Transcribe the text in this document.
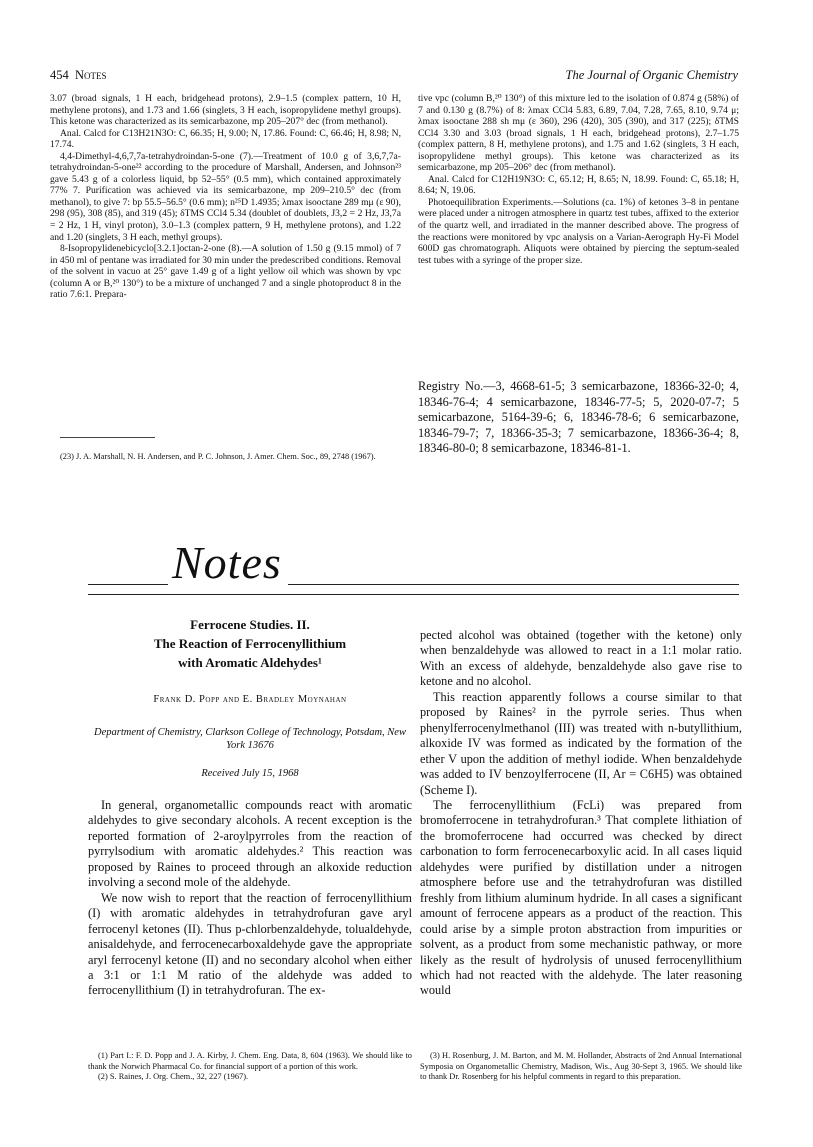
454 Notes	The Journal of Organic Chemistry

3.07 (broad signals, 1 H each, bridgehead protons), 2.9–1.5 (complex pattern, 10 H, methylene protons), and 1.73 and 1.66 (singlets, 3 H each, isopropylidene methyl groups). This ketone was characterized as its semicarbazone, mp 205–207° dec (from methanol).

Anal. Calcd for C13H21N3O: C, 66.35; H, 9.00; N, 17.86. Found: C, 66.46; H, 8.98; N, 17.74.

4,4-Dimethyl-4,6,7,7a-tetrahydroindan-5-one (7).—Treatment of 10.0 g of 3,6,7,7a-tetrahydroindan-5-one²² according to the procedure of Marshall, Andersen, and Johnson²³ gave 5.43 g of a colorless liquid, bp 52–55° (0.5 mm), which contained approximately 77% 7. Purification was achieved via its semicarbazone, mp 209–210.5° dec (from methanol), to give 7: bp 55.5–56.5° (0.6 mm); n²⁵D 1.4935; λmax isooctane 289 mμ (ε 90), 298 (95), 308 (85), and 319 (45); δTMS CCl4 5.34 (doublet of doublets, J3,2 = 2 Hz, J3,7a = 2 Hz, 1 H, vinyl proton), 3.0–1.3 (complex pattern, 9 H, methylene protons), and 1.22 and 1.20 (singlets, 3 H each, methyl groups).

8-Isopropylidenebicyclo[3.2.1]octan-2-one (8).—A solution of 1.50 g (9.15 mmol) of 7 in 450 ml of pentane was irradiated for 30 min under the predescribed conditions. Removal of the solvent in vacuo at 25° gave 1.49 g of a light yellow oil which was shown by vpc (column A or B,²⁰ 130°) to be a mixture of unchanged 7 and a single photoproduct 8 in the ratio 7.6:1. Prepara-

tive vpc (column B,²⁰ 130°) of this mixture led to the isolation of 0.874 g (58%) of 7 and 0.130 g (8.7%) of 8: λmax CCl4 5.83, 6.89, 7.04, 7.28, 7.65, 8.10, 9.74 μ; λmax isooctane 288 sh mμ (ε 360), 296 (420), 305 (390), and 317 (225); δTMS CCl4 3.30 and 3.03 (broad signals, 1 H each, bridgehead protons), 2.7–1.75 (complex pattern, 8 H, methylene protons), and 1.75 and 1.62 (singlets, 3 H each, isopropylidene methyl groups). This ketone was characterized as its semicarbazone, mp 205–206° dec (from methanol).

Anal. Calcd for C12H19N3O: C, 65.12; H, 8.65; N, 18.99. Found: C, 65.18; H, 8.64; N, 19.06.

Photoequilibration Experiments.—Solutions (ca. 1%) of ketones 3–8 in pentane were placed under a nitrogen atmosphere in quartz test tubes, affixed to the exterior of the quartz well, and irradiated in the manner described above. The progress of the reactions were monitored by vpc analysis on a Varian-Aerograph Hy-Fi Model 600D gas chromatograph. Aliquots were obtained by piercing the septum-sealed test tubes with a syringe of the proper size.

Registry No.—3, 4668-61-5; 3 semicarbazone, 18366-32-0; 4, 18346-76-4; 4 semicarbazone, 18346-77-5; 5, 2020-07-7; 5 semicarbazone, 5164-39-6; 6, 18346-78-6; 6 semicarbazone, 18346-79-7; 7, 18366-35-3; 7 semicarbazone, 18366-36-4; 8, 18346-80-0; 8 semicarbazone, 18346-81-1.

(23) J. A. Marshall, N. H. Andersen, and P. C. Johnson, J. Amer. Chem. Soc., 89, 2748 (1967).

Notes
Ferrocene Studies. II.
The Reaction of Ferrocenyllithium
with Aromatic Aldehydes¹
Frank D. Popp and E. Bradley Moynahan
Department of Chemistry, Clarkson College of Technology, Potsdam, New York 13676
Received July 15, 1968

In general, organometallic compounds react with aromatic aldehydes to give secondary alcohols. A recent exception is the reported formation of 2-aroylpyrroles from the reaction of pyrrylsodium with aromatic aldehydes.² This reaction was proposed by Raines to proceed through an alkoxide reduction involving a second mole of the aldehyde.

We now wish to report that the reaction of ferrocenyllithium (I) with aromatic aldehydes in tetrahydrofuran gave aryl ferrocenyl ketones (II). Thus p-chlorbenzaldehyde, tolualdehyde, anisaldehyde, and ferrocenecarboxaldehyde gave the appropriate aryl ferrocenyl ketone (II) and no secondary alcohol when either a 3:1 or 1:1 M ratio of the aldehyde was added to ferrocenyllithium (I) in tetrahydrofuran. The ex-

pected alcohol was obtained (together with the ketone) only when benzaldehyde was allowed to react in a 1:1 molar ratio. With an excess of aldehyde, benzaldehyde also gave rise to ketone and no alcohol.

This reaction apparently follows a course similar to that proposed by Raines² in the pyrrole series. Thus when phenylferrocenylmethanol (III) was treated with n-butyllithium, alkoxide IV was formed as indicated by the formation of the ether V upon the addition of methyl iodide. When benzaldehyde was added to IV benzoylferrocene (II, Ar = C6H5) was obtained (Scheme I).

The ferrocenyllithium (FcLi) was prepared from bromoferrocene in tetrahydrofuran.³ That complete lithiation of the bromoferrocene had occurred was checked by direct carbonation to form ferrocenecarboxylic acid. In all cases liquid aldehydes were purified by distillation under a nitrogen atmosphere before use and the tetrahydrofuran was distilled freshly from lithium aluminum hydride. In all cases a significant amount of ferrocene appears as a product of the reaction. This could arise by a simple proton abstraction from impurities or solvent, as a product from some mechanistic pathway, or more likely as the result of hydrolysis of unused ferrocenyllithium which had not reacted with the aldehyde. The later reasoning would

(1) Part I.: F. D. Popp and J. A. Kirby, J. Chem. Eng. Data, 8, 604 (1963). We should like to thank the Norwich Pharmacal Co. for financial support of a portion of this work.

(2) S. Raines, J. Org. Chem., 32, 227 (1967).

(3) H. Rosenburg, J. M. Barton, and M. M. Hollander, Abstracts of 2nd Annual International Symposia on Organometallic Chemistry, Madison, Wis., Aug 30-Sept 3, 1965. We should like to thank Dr. Rosenberg for his helpful comments in regard to this preparation.
